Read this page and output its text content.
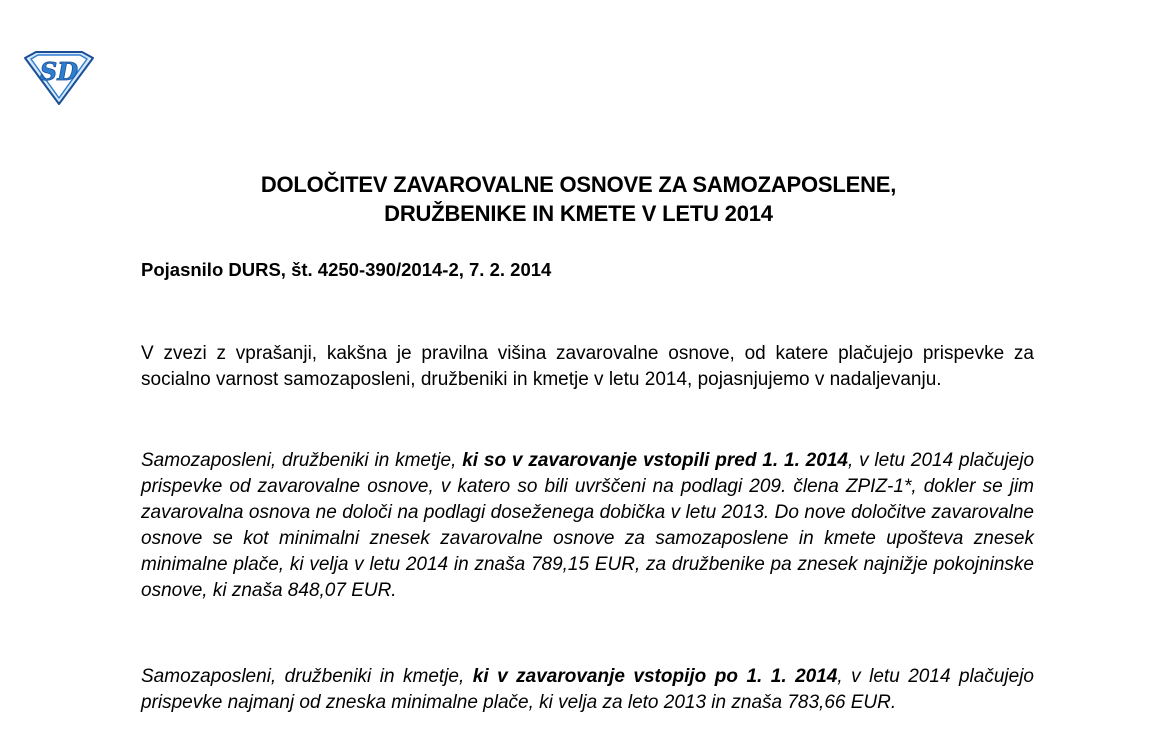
SD
DOLOČITEV ZAVAROVALNE OSNOVE ZA SAMOZAPOSLENE,
DRUŽBENIKE IN KMETE V LETU 2014
Pojasnilo DURS, št. 4250-390/2014-2, 7. 2. 2014
V zvezi z vprašanji, kakšna je pravilna višina zavarovalne osnove, od katere plačujejo prispevke za socialno varnost samozaposleni, družbeniki in kmetje v letu 2014, pojasnjujemo v nadaljevanju.
Samozaposleni, družbeniki in kmetje, ki so v zavarovanje vstopili pred 1. 1. 2014, v letu 2014 plačujejo prispevke od zavarovalne osnove, v katero so bili uvrščeni na podlagi 209. člena ZPIZ-1*, dokler se jim zavarovalna osnova ne določi na podlagi doseženega dobička v letu 2013. Do nove določitve zavarovalne osnove se kot minimalni znesek zavarovalne osnove za samozaposlene in kmete upošteva znesek minimalne plače, ki velja v letu 2014 in znaša 789,15 EUR, za družbenike pa znesek najnižje pokojninske osnove, ki znaša 848,07 EUR.
Samozaposleni, družbeniki in kmetje, ki v zavarovanje vstopijo po 1. 1. 2014, v letu 2014 plačujejo prispevke najmanj od zneska minimalne plače, ki velja za leto 2013 in znaša 783,66 EUR.
